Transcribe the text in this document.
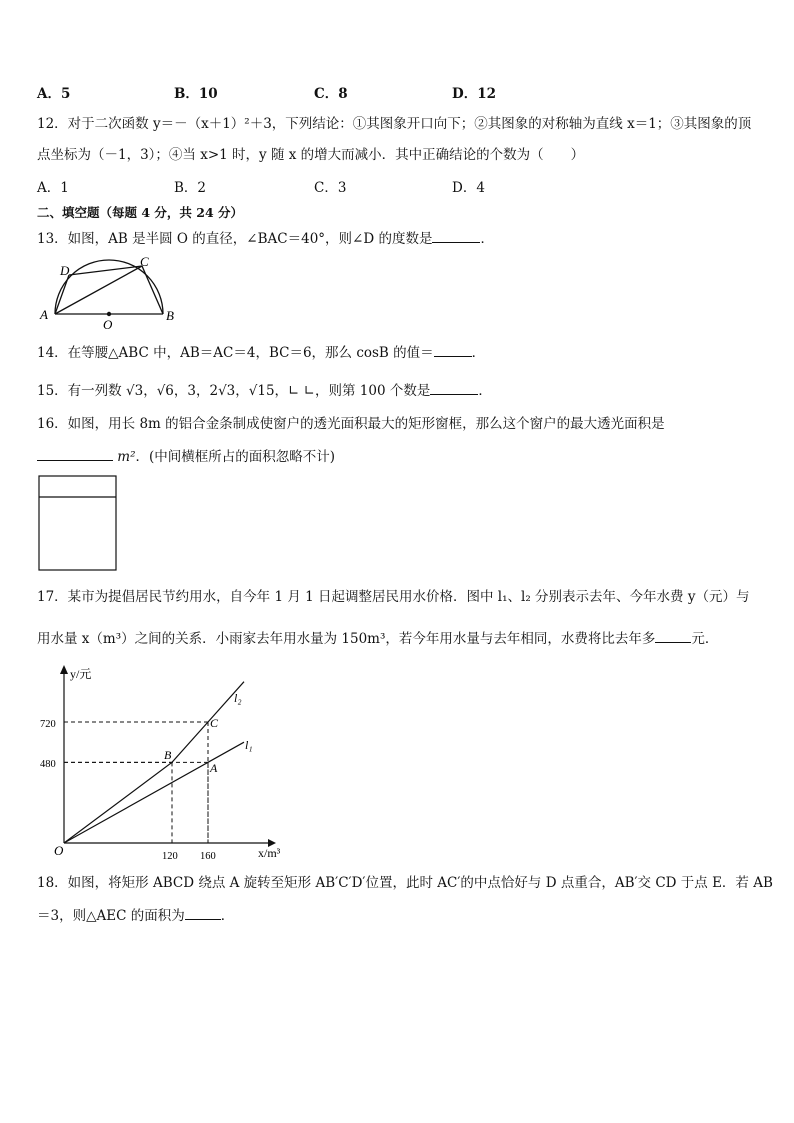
A．5	B．10	C．8	D．12
12．对于二次函数 y＝－（x＋1）²＋3，下列结论：①其图象开口向下；②其图象的对称轴为直线 x＝1；③其图象的顶
点坐标为（－1，3）；④当 x>1 时，y 随 x 的增大而减小．其中正确结论的个数为（　　）
A．1	B．2	C．3	D．4
二、填空题（每题 4 分，共 24 分）
13．如图，AB 是半圆 O 的直径，∠BAC＝40°，则∠D 的度数是	．
A	B
C
D
O
14．在等腰△ABC 中，AB＝AC＝4，BC＝6，那么 cosB 的值＝	．
15．有一列数 √3，√6，3，2√3，√15，∟ ∟，则第 100 个数是	．
16．如图，用长 8m 的铝合金条制成使窗户的透光面积最大的矩形窗框，那么这个窗户的最大透光面积是
m²．(中间横框所占的面积忽略不计)
17．某市为提倡居民节约用水，自今年 1 月 1 日起调整居民用水价格．图中 l₁、l₂ 分别表示去年、今年水费 y（元）与
用水量 x（m³）之间的关系．小雨家去年用水量为 150m³，若今年用水量与去年相同，水费将比去年多	元．
y/元
x/m³
O
720
480
120 160
l₂
l₁
A
B
C
18．如图，将矩形 ABCD 绕点 A 旋转至矩形 AB′C′D′位置，此时 AC′的中点恰好与 D 点重合，AB′交 CD 于点 E．若 AB
＝3，则△AEC 的面积为	．
